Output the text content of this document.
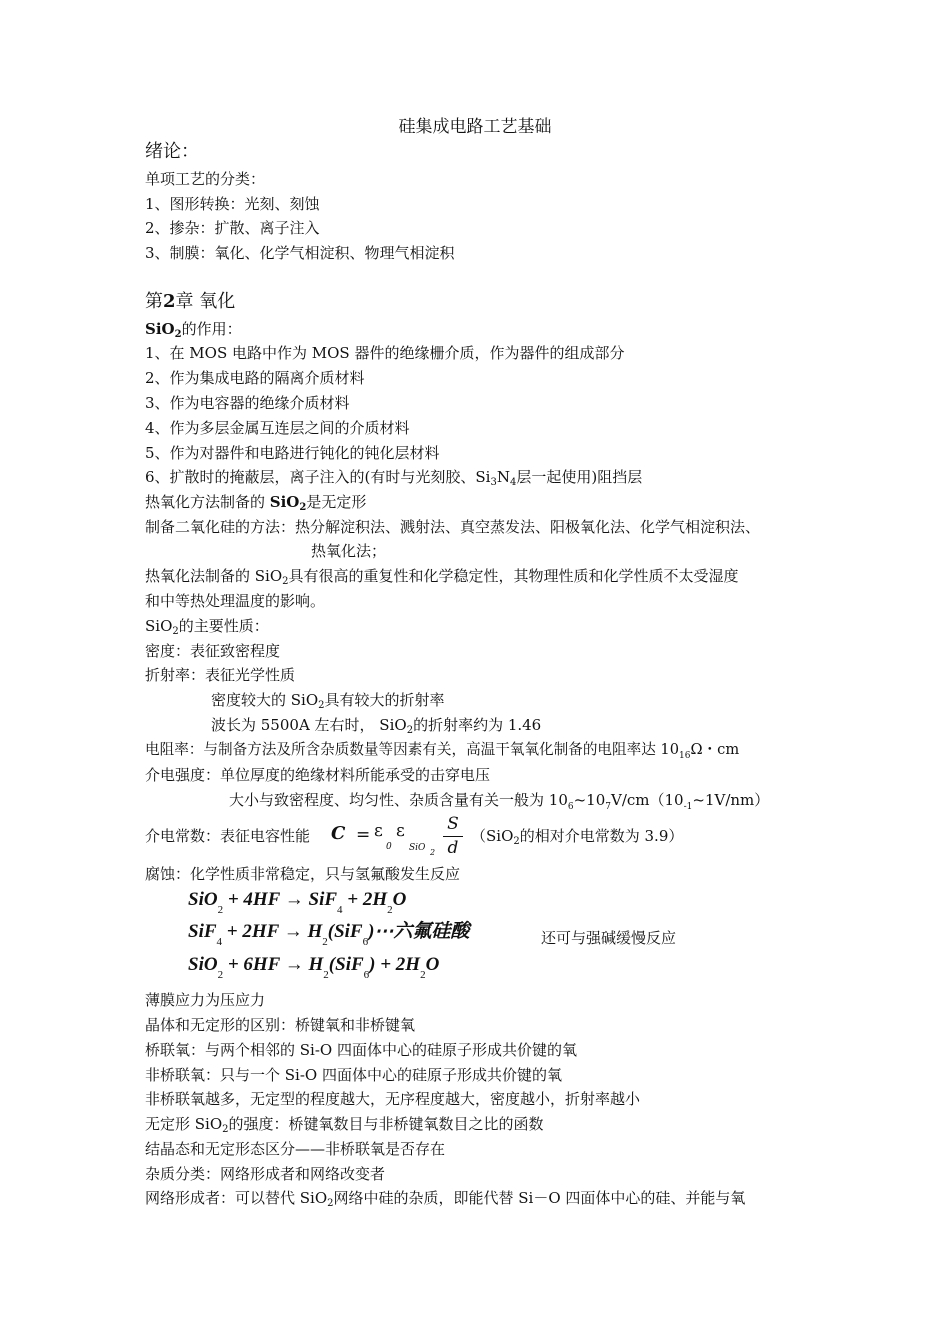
硅集成电路工艺基础
绪论：
单项工艺的分类：
1、图形转换：光刻、刻蚀
2、掺杂：扩散、离子注入
3、制膜：氧化、化学气相淀积、物理气相淀积
第2章 氧化
SiO$_2$的作用：
1、在 MOS 电路中作为 MOS 器件的绝缘栅介质，作为器件的组成部分
2、作为集成电路的隔离介质材料
3、作为电容器的绝缘介质材料
4、作为多层金属互连层之间的介质材料
5、作为对器件和电路进行钝化的钝化层材料
6、扩散时的掩蔽层，离子注入的(有时与光刻胶、$Si_3N_4$层一起使用)阻挡层
热氧化方法制备的 SiO$_2$是无定形
制备二氧化硅的方法：热分解淀积法、溅射法、真空蒸发法、阳极氧化法、化学气相淀积法、
热氧化法；
热氧化法制备的 SiO$_2$具有很高的重复性和化学稳定性，其物理性质和化学性质不太受湿度
和中等热处理温度的影响。
SiO$_2$的主要性质：
密度：表征致密程度
折射率：表征光学性质
密度较大的 SiO$_2$具有较大的折射率
波长为 5500A 左右时， SiO$_2$的折射率约为 1.46
电阻率：与制备方法及所含杂质数量等因素有关，高温干氧氧化制备的电阻率达 $10_{16}\Omega$・cm
介电强度：单位厚度的绝缘材料所能承受的击穿电压
大小与致密程度、均匀性、杂质含量有关一般为 $10_6\sim 10_7V/cm(10_{-1}\sim 1V/nm)$
介电常数：表征电容性能 C = ε
0
ε
SiO 2
S
d
（SiO$_2$的相对介电常数为 3.9）
腐蚀：化学性质非常稳定，只与氢氟酸发生反应
$SiO_2 + 4HF \to SiF_4 + 2H_2O$
$SiF_4 + 2HF \to H_2(SiF_6)\cdots$六氟硅酸	还可与强碱缓慢反应
$SiO_2 + 6HF \to H_2(SiF_6) + 2H_2O$
薄膜应力为压应力
晶体和无定形的区别：桥键氧和非桥键氧
桥联氧：与两个相邻的 Si-O 四面体中心的硅原子形成共价键的氧
非桥联氧：只与一个 Si-O 四面体中心的硅原子形成共价键的氧
非桥联氧越多，无定型的程度越大，无序程度越大，密度越小，折射率越小
无定形 SiO$_2$的强度：桥键氧数目与非桥键氧数目之比的函数
结晶态和无定形态区分——非桥联氧是否存在
杂质分类：网络形成者和网络改变者
网络形成者：可以替代 SiO$_2$网络中硅的杂质，即能代替 Si－O 四面体中心的硅、并能与氧
